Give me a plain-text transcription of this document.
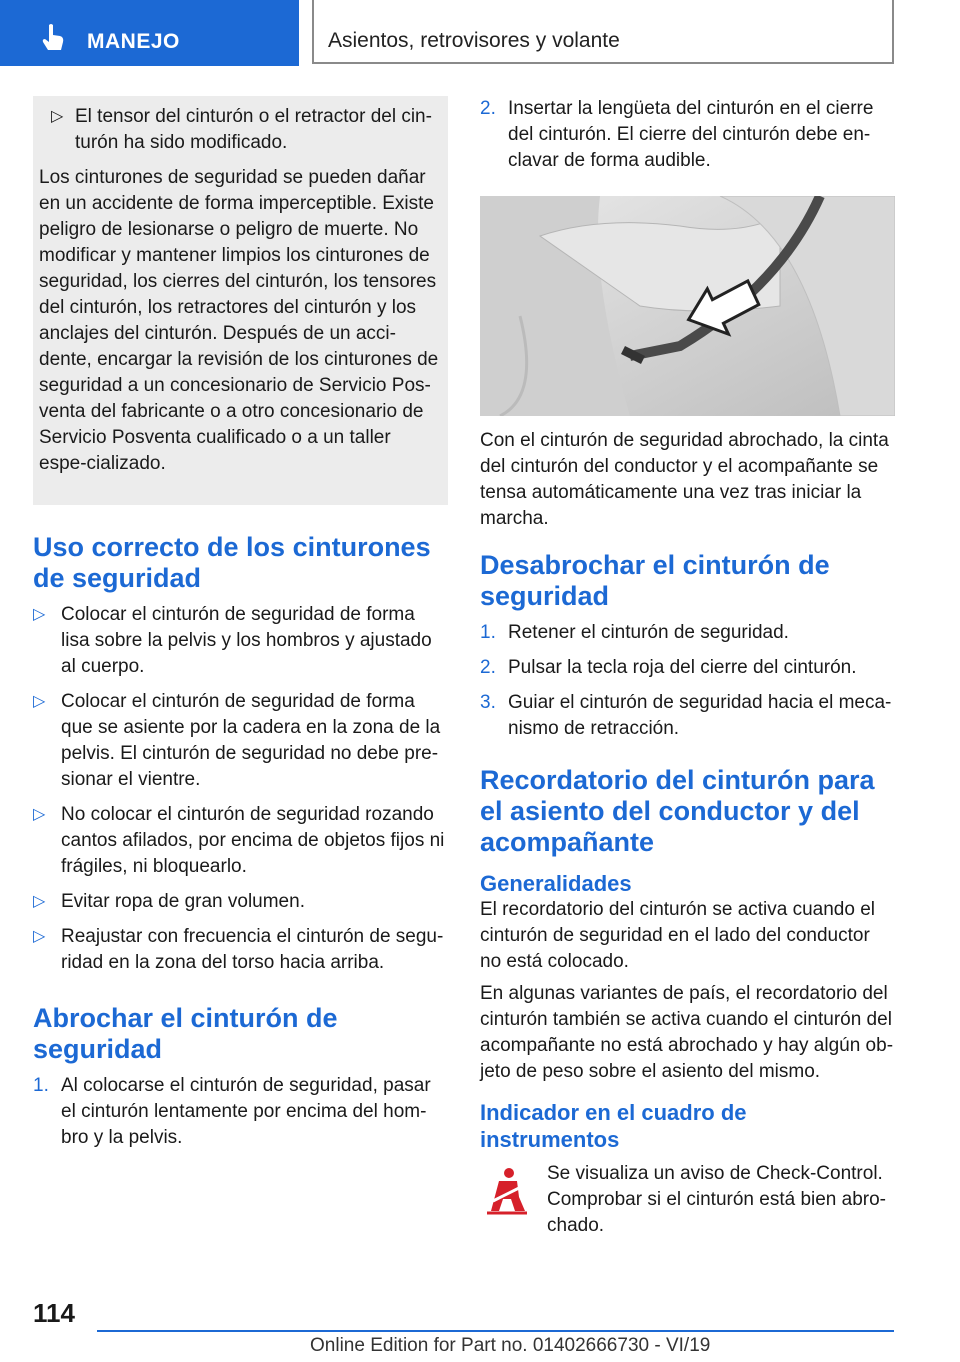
MANEJO	Asientos, retrovisores y volante

▷ El tensor del cinturón o el retractor del cin-turón ha sido modificado.

Los cinturones de seguridad se pueden dañar en un accidente de forma imperceptible. Existe peligro de lesionarse o peligro de muerte. No modificar y mantener limpios los cinturones de seguridad, los cierres del cinturón, los tensores del cinturón, los retractores del cinturón y los anclajes del cinturón. Después de un acci-dente, encargar la revisión de los cinturones de seguridad a un concesionario de Servicio Pos-venta del fabricante o a otro concesionario de Servicio Posventa cualificado o a un taller espe-cializado.

Uso correcto de los cinturones de seguridad

▷ Colocar el cinturón de seguridad de forma lisa sobre la pelvis y los hombros y ajustado al cuerpo.

▷ Colocar el cinturón de seguridad de forma que se asiente por la cadera en la zona de la pelvis. El cinturón de seguridad no debe pre-sionar el vientre.

▷ No colocar el cinturón de seguridad rozando cantos afilados, por encima de objetos fijos ni frágiles, ni bloquearlo.

▷ Evitar ropa de gran volumen.

▷ Reajustar con frecuencia el cinturón de segu-ridad en la zona del torso hacia arriba.

Abrochar el cinturón de seguridad

1. Al colocarse el cinturón de seguridad, pasar el cinturón lentamente por encima del hom-bro y la pelvis.

2. Insertar la lengüeta del cinturón en el cierre del cinturón. El cierre del cinturón debe en-clavar de forma audible.

Con el cinturón de seguridad abrochado, la cinta del cinturón del conductor y el acompañante se tensa automáticamente una vez tras iniciar la marcha.

Desabrochar el cinturón de seguridad

1. Retener el cinturón de seguridad.

2. Pulsar la tecla roja del cierre del cinturón.

3. Guiar el cinturón de seguridad hacia el meca-nismo de retracción.

Recordatorio del cinturón para el asiento del conductor y del acompañante
Generalidades

El recordatorio del cinturón se activa cuando el cinturón de seguridad en el lado del conductor no está colocado.

En algunas variantes de país, el recordatorio del cinturón también se activa cuando el cinturón del acompañante no está abrochado y hay algún ob-jeto de peso sobre el asiento del mismo.

Indicador en el cuadro de instrumentos

Se visualiza un aviso de Check-Control. Comprobar si el cinturón está bien abro-chado.

114
Online Edition for Part no. 01402666730 - VI/19
